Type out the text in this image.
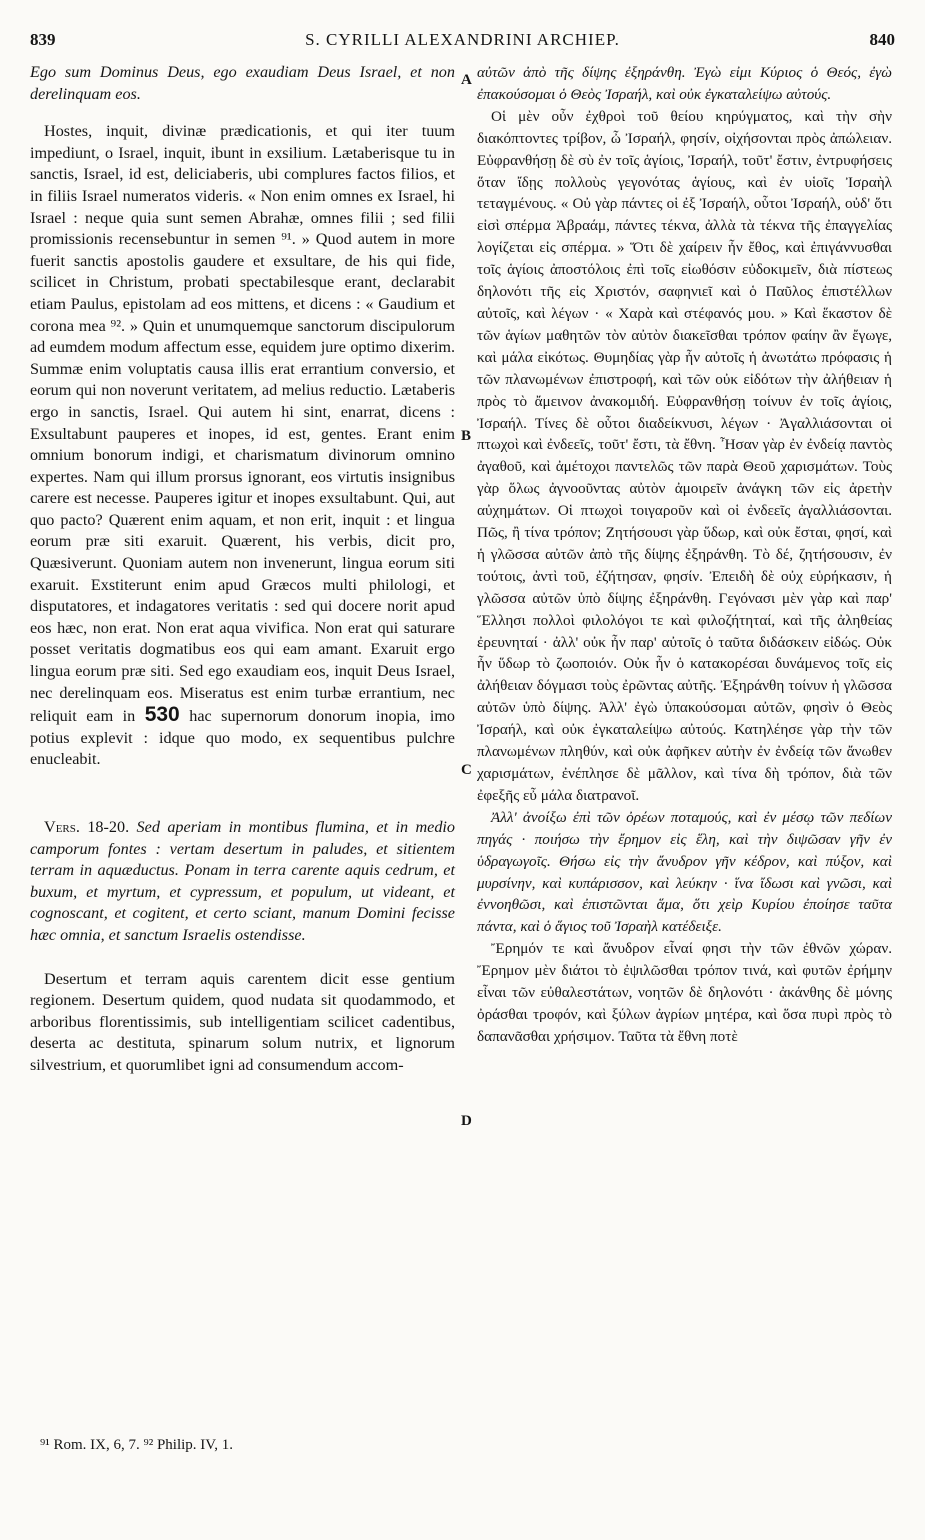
839	S. CYRILLI ALEXANDRINI ARCHIEP.	840

Ego sum Dominus Deus, ego exaudiam Deus Israel, et non derelinquam eos.

Hostes, inquit, divinæ prædicationis, et qui iter tuum impediunt, o Israel, inquit, ibunt in exsilium. Lætaberisque tu in sanctis, Israel, id est, deliciaberis, ubi complures factos filios, et in filiis Israel numeratos videris. « Non enim omnes ex Israel, hi Israel : neque quia sunt semen Abrahæ, omnes filii ; sed filii promissionis recensebuntur in semen ⁹¹. » Quod autem in more fuerit sanctis apostolis gaudere et exsultare, de his qui fide, scilicet in Christum, probati spectabilesque erant, declarabit etiam Paulus, epistolam ad eos mittens, et dicens : « Gaudium et corona mea ⁹². » Quin et unumquemque sanctorum discipulorum ad eumdem modum affectum esse, equidem jure optimo dixerim. Summæ enim voluptatis causa illis erat errantium conversio, et eorum qui non noverunt veritatem, ad melius reductio. Lætaberis ergo in sanctis, Israel. Qui autem hi sint, enarrat, dicens : Exsultabunt pauperes et inopes, id est, gentes. Erant enim omnium bonorum indigi, et charismatum divinorum omnino expertes. Nam qui illum prorsus ignorant, eos virtutis insignibus carere est necesse. Pauperes igitur et inopes exsultabunt. Qui, aut quo pacto? Quærent enim aquam, et non erit, inquit : et lingua eorum præ siti exaruit. Quærent, his verbis, dicit pro, Quæsiverunt. Quoniam autem non invenerunt, lingua eorum siti exaruit. Exstiterunt enim apud Græcos multi philologi, et disputatores, et indagatores veritatis : sed qui docere norit apud eos hæc, non erat. Non erat aqua vivifica. Non erat qui saturare posset veritatis dogmatibus eos qui eam amant. Exaruit ergo lingua eorum præ siti. Sed ego exaudiam eos, inquit Deus Israel, nec derelinquam eos. Miseratus est enim turbæ errantium, nec reliquit eam in 530 hac supernorum donorum inopia, imo potius explevit : idque quo modo, ex sequentibus pulchre enucleabit.

Vers. 18-20. Sed aperiam in montibus flumina, et in medio camporum fontes : vertam desertum in paludes, et sitientem terram in aquæductus. Ponam in terra carente aquis cedrum, et buxum, et myrtum, et cypressum, et populum, ut videant, et cognoscant, et cogitent, et certo sciant, manum Domini fecisse hæc omnia, et sanctum Israelis ostendisse.

Desertum et terram aquis carentem dicit esse gentium regionem. Desertum quidem, quod nudata sit quodammodo, et arboribus florentissimis, sub intelligentiam scilicet cadentibus, deserta ac destituta, spinarum solum nutrix, et lignorum silvestrium, et quorumlibet igni ad consumendum accom-

αὐτῶν ἀπὸ τῆς δίψης ἐξηράνθη. Ἐγὼ εἰμι Κύριος ὁ Θεός, ἐγὼ ἐπακούσομαι ὁ Θεὸς Ἰσραήλ, καὶ οὐκ ἐγκαταλείψω αὐτούς.

Οἱ μὲν οὖν ἐχθροὶ τοῦ θείου κηρύγματος, καὶ τὴν σὴν διακόπτοντες τρίβον, ὦ Ἰσραήλ, φησίν, οἰχήσονται πρὸς ἀπώλειαν. Εὐφρανθήσῃ δὲ σὺ ἐν τοῖς ἁγίοις, Ἰσραήλ, τοῦτ' ἔστιν, ἐντρυφήσεις ὅταν ἴδῃς πολλοὺς γεγονότας ἁγίους, καὶ ἐν υἱοῖς Ἰσραὴλ τεταγμένους. « Οὐ γὰρ πάντες οἱ ἐξ Ἰσραήλ, οὗτοι Ἰσραήλ, οὐδ' ὅτι εἰσὶ σπέρμα Ἀβραάμ, πάντες τέκνα, ἀλλὰ τὰ τέκνα τῆς ἐπαγγελίας λογίζεται εἰς σπέρμα. » Ὅτι δὲ χαίρειν ἦν ἔθος, καὶ ἐπιγάννυσθαι τοῖς ἁγίοις ἀποστόλοις ἐπὶ τοῖς εἰωθόσιν εὐδοκιμεῖν, διὰ πίστεως δηλονότι τῆς εἰς Χριστόν, σαφηνιεῖ καὶ ὁ Παῦλος ἐπιστέλλων αὐτοῖς, καὶ λέγων · « Χαρὰ καὶ στέφανός μου. » Καὶ ἕκαστον δὲ τῶν ἁγίων μαθητῶν τὸν αὐτὸν διακεῖσθαι τρόπον φαίην ἂν ἔγωγε, καὶ μάλα εἰκότως. Θυμηδίας γὰρ ἦν αὐτοῖς ἡ ἀνωτάτω πρόφασις ἡ τῶν πλανωμένων ἐπιστροφή, καὶ τῶν οὐκ εἰδότων τὴν ἀλήθειαν ἡ πρὸς τὸ ἄμεινον ἀνακομιδή. Εὐφρανθήσῃ τοίνυν ἐν τοῖς ἁγίοις, Ἰσραήλ. Τίνες δὲ οὗτοι διαδείκνυσι, λέγων · Ἀγαλλιάσονται οἱ πτωχοὶ καὶ ἐνδεεῖς, τοῦτ' ἔστι, τὰ ἔθνη. Ἦσαν γὰρ ἐν ἐνδείᾳ παντὸς ἀγαθοῦ, καὶ ἀμέτοχοι παντελῶς τῶν παρὰ Θεοῦ χαρισμάτων. Τοὺς γὰρ ὅλως ἀγνοοῦντας αὐτὸν ἀμοιρεῖν ἀνάγκη τῶν εἰς ἀρετὴν αὐχημάτων. Οἱ πτωχοὶ τοιγαροῦν καὶ οἱ ἐνδεεῖς ἀγαλλιάσονται. Πῶς, ἢ τίνα τρόπον; Ζητήσουσι γὰρ ὕδωρ, καὶ οὐκ ἔσται, φησί, καὶ ἡ γλῶσσα αὐτῶν ἀπὸ τῆς δίψης ἐξηράνθη. Τὸ δέ, ζητήσουσιν, ἐν τούτοις, ἀντὶ τοῦ, ἐζήτησαν, φησίν. Ἐπειδὴ δὲ οὐχ εὑρήκασιν, ἡ γλῶσσα αὐτῶν ὑπὸ δίψης ἐξηράνθη. Γεγόνασι μὲν γὰρ καὶ παρ' Ἕλλησι πολλοὶ φιλολόγοι τε καὶ φιλοζήτηταί, καὶ τῆς ἀληθείας ἐρευνηταί · ἀλλ' οὐκ ἦν παρ' αὐτοῖς ὁ ταῦτα διδάσκειν εἰδώς. Οὐκ ἦν ὕδωρ τὸ ζωοποιόν. Οὐκ ἦν ὁ κατακορέσαι δυνάμενος τοῖς εἰς ἀλήθειαν δόγμασι τοὺς ἐρῶντας αὐτῆς. Ἐξηράνθη τοίνυν ἡ γλῶσσα αὐτῶν ὑπὸ δίψης. Ἀλλ' ἐγὼ ὑπακούσομαι αὐτῶν, φησὶν ὁ Θεὸς Ἰσραήλ, καὶ οὐκ ἐγκαταλείψω αὐτούς. Κατηλέησε γὰρ τὴν τῶν πλανωμένων πληθύν, καὶ οὐκ ἀφῆκεν αὐτὴν ἐν ἐνδείᾳ τῶν ἄνωθεν χαρισμάτων, ἐνέπλησε δὲ μᾶλλον, καὶ τίνα δὴ τρόπον, διὰ τῶν ἐφεξῆς εὖ μάλα διατρανοῖ.

Ἀλλ' ἀνοίξω ἐπὶ τῶν ὀρέων ποταμούς, καὶ ἐν μέσῳ τῶν πεδίων πηγάς · ποιήσω τὴν ἔρημον εἰς ἕλη, καὶ τὴν διψῶσαν γῆν ἐν ὑδραγωγοῖς. Θήσω εἰς τὴν ἄνυδρον γῆν κέδρον, καὶ πύξον, καὶ μυρσίνην, καὶ κυπάρισσον, καὶ λεύκην · ἵνα ἴδωσι καὶ γνῶσι, καὶ ἐννοηθῶσι, καὶ ἐπιστῶνται ἅμα, ὅτι χεὶρ Κυρίου ἐποίησε ταῦτα πάντα, καὶ ὁ ἅγιος τοῦ Ἰσραὴλ κατέδειξε.

Ἔρημόν τε καὶ ἄνυδρον εἶναί φησι τὴν τῶν ἐθνῶν χώραν. Ἔρημον μὲν διάτοι τὸ ἐψιλῶσθαι τρόπον τινά, καὶ φυτῶν ἐρήμην εἶναι τῶν εὐθαλεστάτων, νοητῶν δὲ δηλονότι · ἀκάνθης δὲ μόνης ὀράσθαι τροφόν, καὶ ξύλων ἀγρίων μητέρα, καὶ ὅσα πυρὶ πρὸς τὸ δαπανᾶσθαι χρήσιμον. Ταῦτα τὰ ἔθνη ποτὲ

A
B
C
D
⁹¹ Rom. IX, 6, 7. ⁹² Philip. IV, 1.
